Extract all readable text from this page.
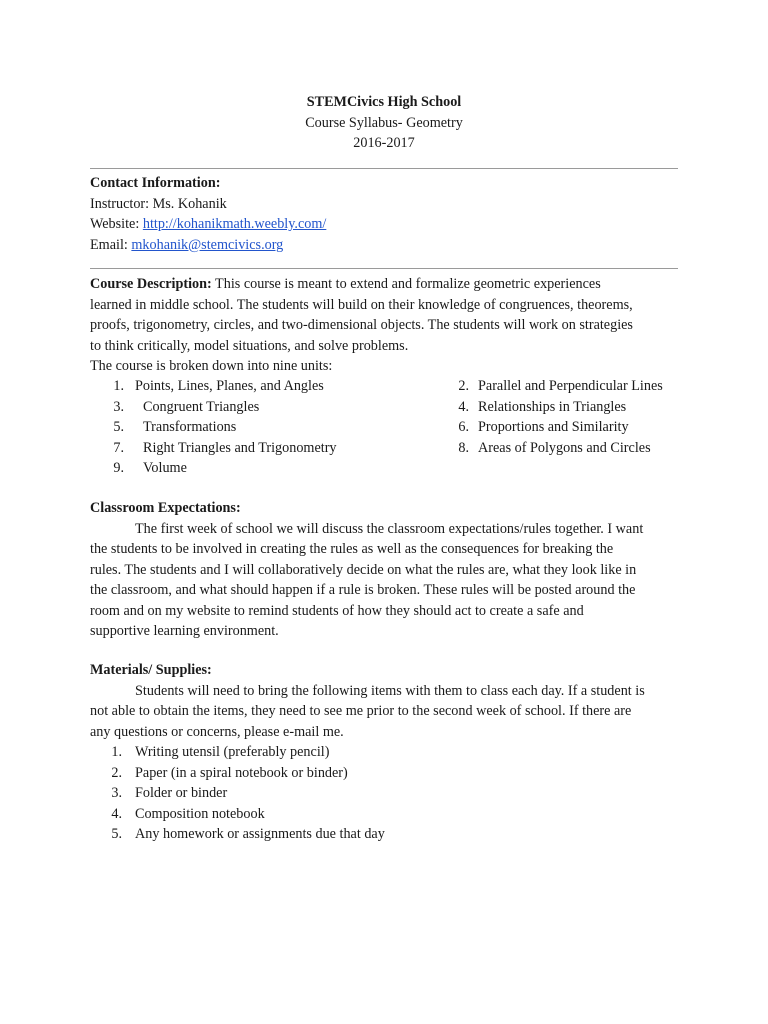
STEMCivics High School
Course Syllabus- Geometry
2016-2017
Contact Information:
Instructor: Ms. Kohanik
Website: http://kohanikmath.weebly.com/
Email: mkohanik@stemcivics.org
Course Description: This course is meant to extend and formalize geometric experiences
learned in middle school. The students will build on their knowledge of congruences, theorems,
proofs, trigonometry, circles, and two-dimensional objects. The students will work on strategies
to think critically, model situations, and solve problems.
The course is broken down into nine units:
1. Points, Lines, Planes, and Angles	2. Parallel and Perpendicular Lines
3. Congruent Triangles	4. Relationships in Triangles
5. Transformations	6. Proportions and Similarity
7. Right Triangles and Trigonometry	8. Areas of Polygons and Circles
9. Volume
Classroom Expectations:
The first week of school we will discuss the classroom expectations/rules together. I want
the students to be involved in creating the rules as well as the consequences for breaking the
rules. The students and I will collaboratively decide on what the rules are, what they look like in
the classroom, and what should happen if a rule is broken. These rules will be posted around the
room and on my website to remind students of how they should act to create a safe and
supportive learning environment.
Materials/ Supplies:
Students will need to bring the following items with them to class each day. If a student is
not able to obtain the items, they need to see me prior to the second week of school. If there are
any questions or concerns, please e-mail me.
1. Writing utensil (preferably pencil)
2. Paper (in a spiral notebook or binder)
3. Folder or binder
4. Composition notebook
5. Any homework or assignments due that day
